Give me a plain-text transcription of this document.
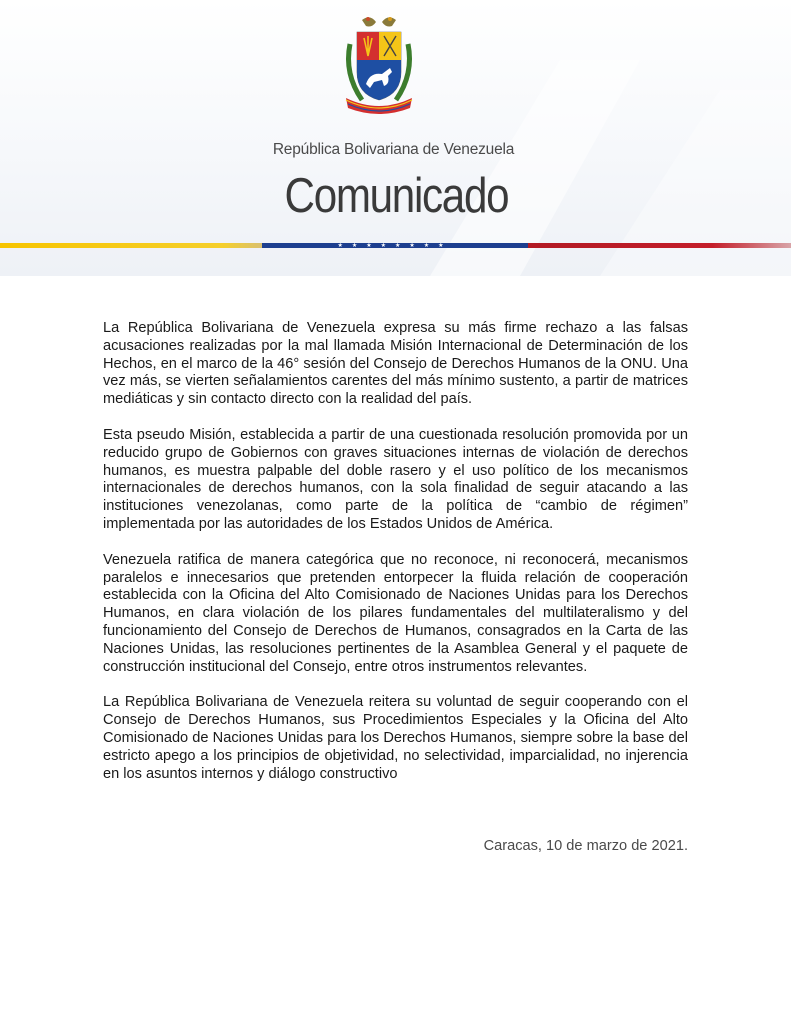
República Bolivariana de Venezuela
Comunicado
★★★★★★★★

La República Bolivariana de Venezuela expresa su más firme rechazo a las falsas acusaciones realizadas por la mal llamada Misión Internacional de Determinación de los Hechos, en el marco de la 46° sesión del Consejo de Derechos Humanos de la ONU. Una vez más, se vierten señalamientos carentes del más mínimo sustento, a partir de matrices mediáticas y sin contacto directo con la realidad del país.

Esta pseudo Misión, establecida a partir de una cuestionada resolución promovida por un reducido grupo de Gobiernos con graves situaciones internas de violación de derechos humanos, es muestra palpable del doble rasero y el uso político de los mecanismos internacionales de derechos humanos, con la sola finalidad de seguir atacando a las instituciones venezolanas, como parte de la política de “cambio de régimen” implementada por las autoridades de los Estados Unidos de América.

Venezuela ratifica de manera categórica que no reconoce, ni reconocerá, mecanismos paralelos e innecesarios que pretenden entorpecer la fluida relación de cooperación establecida con la Oficina del Alto Comisionado de Naciones Unidas para los Derechos Humanos, en clara violación de los pilares fundamentales del multilateralismo y del funcionamiento del Consejo de Derechos de Humanos, consagrados en la Carta de las Naciones Unidas, las resoluciones pertinentes de la Asamblea General y el paquete de construcción institucional del Consejo, entre otros instrumentos relevantes.

La República Bolivariana de Venezuela reitera su voluntad de seguir cooperando con el Consejo de Derechos Humanos, sus Procedimientos Especiales y la Oficina del Alto Comisionado de Naciones Unidas para los Derechos Humanos, siempre sobre la base del estricto apego a los principios de objetividad, no selectividad, imparcialidad, no injerencia en los asuntos internos y diálogo constructivo

Caracas, 10 de marzo de 2021.
